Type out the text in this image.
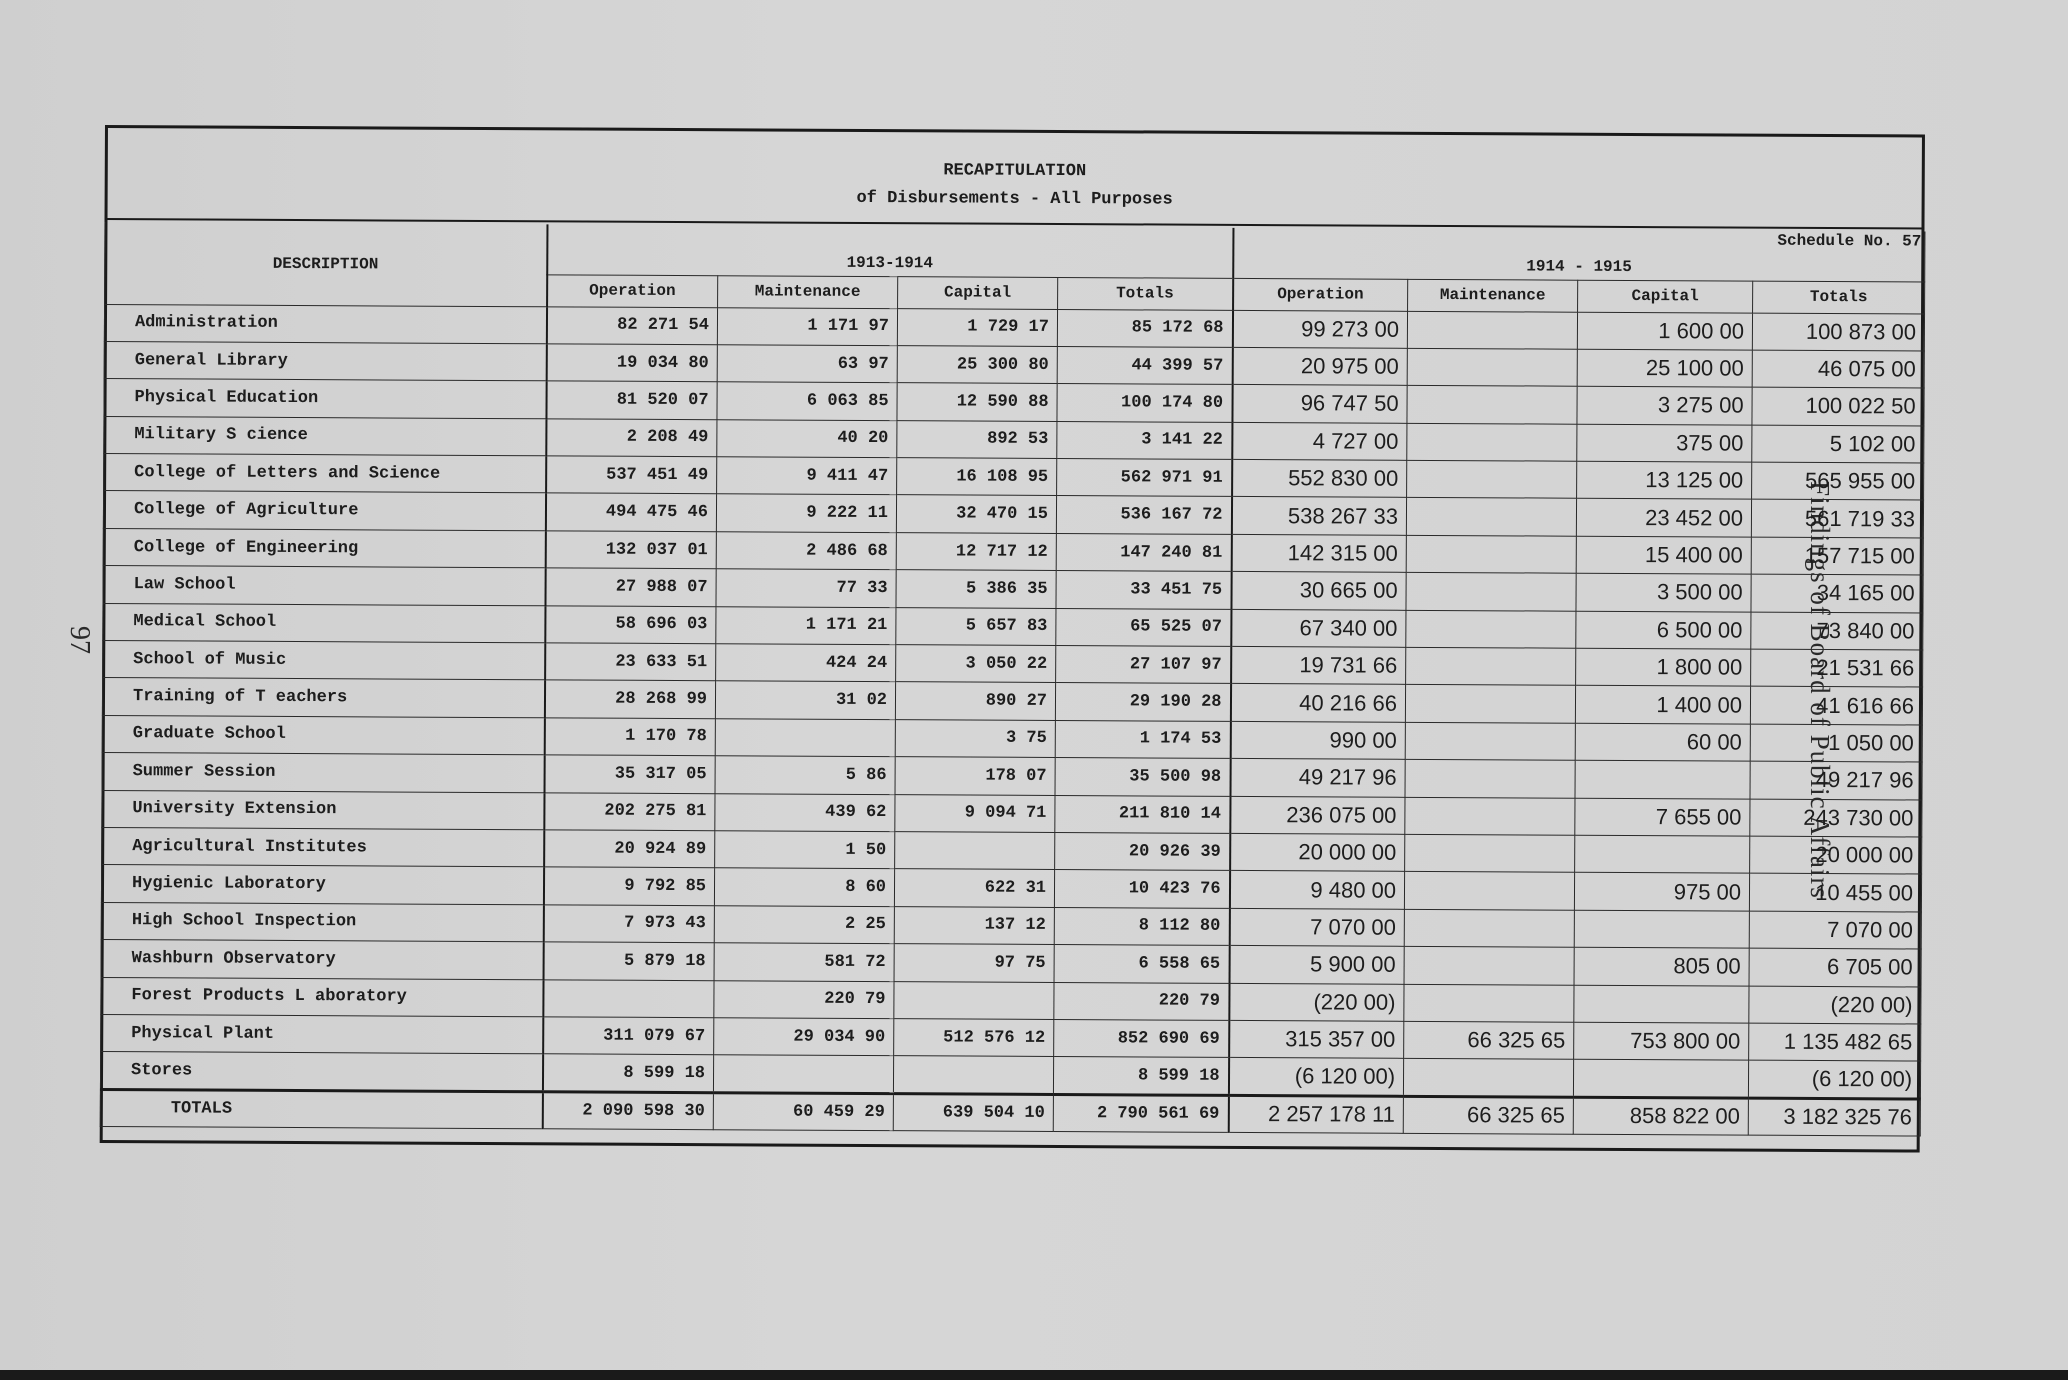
97	Findings of Board of Public Affairs
RECAPITULATION
of Disbursements - All Purposes
Schedule No. 57
DESCRIPTION	1913-1914				1914 - 1915			
	Operation	Maintenance	Capital	Totals	Operation	Maintenance	Capital	Totals
Administration	82 271 54	1 171 97	1 729 17	85 172 68	99 273 00		1 600 00	100 873 00
General Library	19 034 80	63 97	25 300 80	44 399 57	20 975 00		25 100 00	46 075 00
Physical Education	81 520 07	6 063 85	12 590 88	100 174 80	96 747 50		3 275 00	100 022 50
Military S cience	2 208 49	40 20	892 53	3 141 22	4 727 00		375 00	5 102 00
College of Letters and Science	537 451 49	9 411 47	16 108 95	562 971 91	552 830 00		13 125 00	565 955 00
College of Agriculture	494 475 46	9 222 11	32 470 15	536 167 72	538 267 33		23 452 00	561 719 33
College of Engineering	132 037 01	2 486 68	12 717 12	147 240 81	142 315 00		15 400 00	157 715 00
Law School	27 988 07	77 33	5 386 35	33 451 75	30 665 00		3 500 00	34 165 00
Medical School	58 696 03	1 171 21	5 657 83	65 525 07	67 340 00		6 500 00	73 840 00
School of Music	23 633 51	424 24	3 050 22	27 107 97	19 731 66		1 800 00	21 531 66
Training of T eachers	28 268 99	31 02	890 27	29 190 28	40 216 66		1 400 00	41 616 66
Graduate School	1 170 78		3 75	1 174 53	990 00		60 00	1 050 00
Summer Session	35 317 05	5 86	178 07	35 500 98	49 217 96			49 217 96
University Extension	202 275 81	439 62	9 094 71	211 810 14	236 075 00		7 655 00	243 730 00
Agricultural Institutes	20 924 89	1 50		20 926 39	20 000 00			20 000 00
Hygienic Laboratory	9 792 85	8 60	622 31	10 423 76	9 480 00		975 00	10 455 00
High School Inspection	7 973 43	2 25	137 12	8 112 80	7 070 00			7 070 00
Washburn Observatory	5 879 18	581 72	97 75	6 558 65	5 900 00		805 00	6 705 00
Forest Products L aboratory		220 79		220 79	(220 00)			(220 00)
Physical Plant	311 079 67	29 034 90	512 576 12	852 690 69	315 357 00	66 325 65	753 800 00	1 135 482 65
Stores	8 599 18			8 599 18	(6 120 00)			(6 120 00)
TOTALS	2 090 598 30	60 459 29	639 504 10	2 790 561 69	2 257 178 11	66 325 65	858 822 00	3 182 325 76
